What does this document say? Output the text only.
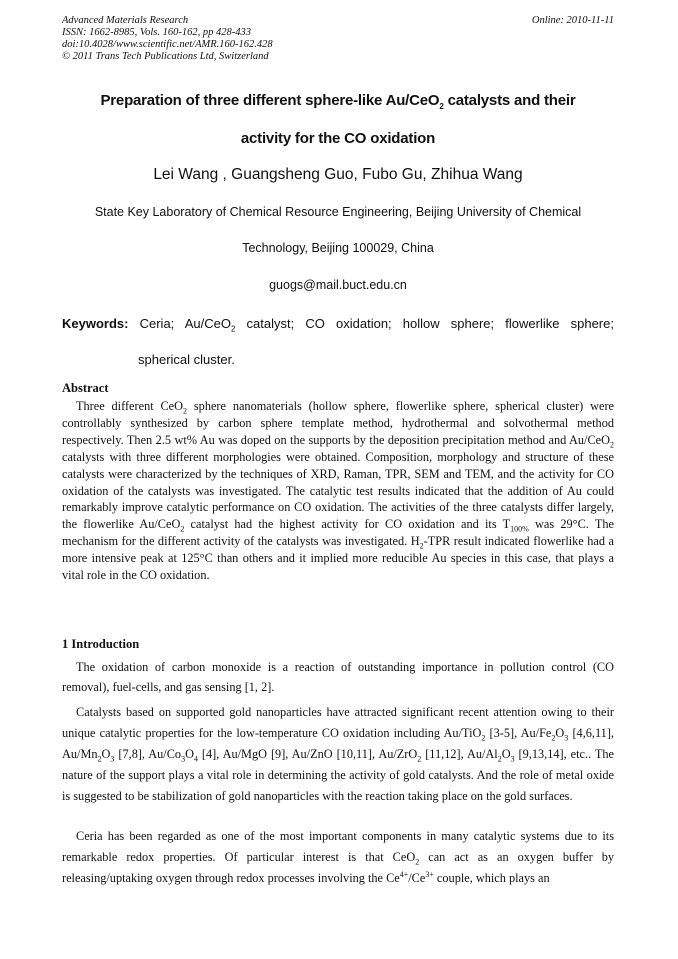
Advanced Materials Research
ISSN: 1662-8985, Vols. 160-162, pp 428-433
doi:10.4028/www.scientific.net/AMR.160-162.428
© 2011 Trans Tech Publications Ltd, Switzerland
Online: 2010-11-11
Preparation of three different sphere-like Au/CeO$_2$ catalysts and their
activity for the CO oxidation
Lei Wang , Guangsheng Guo, Fubo Gu, Zhihua Wang
State Key Laboratory of Chemical Resource Engineering, Beijing University of Chemical
Technology, Beijing 100029, China
guogs@mail.buct.edu.cn
Keywords: Ceria; Au/CeO$_2$ catalyst; CO oxidation; hollow sphere; flowerlike sphere;
spherical cluster.
Abstract
Three different CeO$_2$ sphere nanomaterials (hollow sphere, flowerlike sphere, spherical cluster) were controllably synthesized by carbon sphere template method, hydrothermal and solvothermal method respectively. Then 2.5 wt% Au was doped on the supports by the deposition precipitation method and Au/CeO$_2$ catalysts with three different morphologies were obtained. Composition, morphology and structure of these catalysts were characterized by the techniques of XRD, Raman, TPR, SEM and TEM, and the activity for CO oxidation of the catalysts was investigated. The catalytic test results indicated that the addition of Au could remarkably improve catalytic performance on CO oxidation. The activities of the three catalysts differ largely, the flowerlike Au/CeO$_2$ catalyst had the highest activity for CO oxidation and its $T_{100\%}$ was 29°C. The mechanism for the different activity of the catalysts was investigated. $H_2$-TPR result indicated flowerlike had a more intensive peak at 125°C than others and it implied more reducible Au species in this case, that plays a vital role in the CO oxidation.
1 Introduction
The oxidation of carbon monoxide is a reaction of outstanding importance in pollution control (CO removal), fuel-cells, and gas sensing [1, 2].
Catalysts based on supported gold nanoparticles have attracted significant recent attention owing to their unique catalytic properties for the low-temperature CO oxidation including Au/TiO$_2$ [3-5], $Au/Fe_2O_3$ [4,6,11], $Au/Mn_2O_3$ [7,8], $Au/Co_3O_4$ [4], Au/MgO [9], Au/ZnO [10,11], Au/ZrO$_2$ [11,12], $Au/Al_2O_3$ [9,13,14], etc.. The nature of the support plays a vital role in determining the activity of gold catalysts. And the role of metal oxide is suggested to be stabilization of gold nanoparticles with the reaction taking place on the gold surfaces.
Ceria has been regarded as one of the most important components in many catalytic systems due to its remarkable redox properties. Of particular interest is that CeO$_2$ can act as an oxygen buffer by releasing/uptaking oxygen through redox processes involving the $Ce^{4+}/Ce^{3+}$ couple, which plays an
